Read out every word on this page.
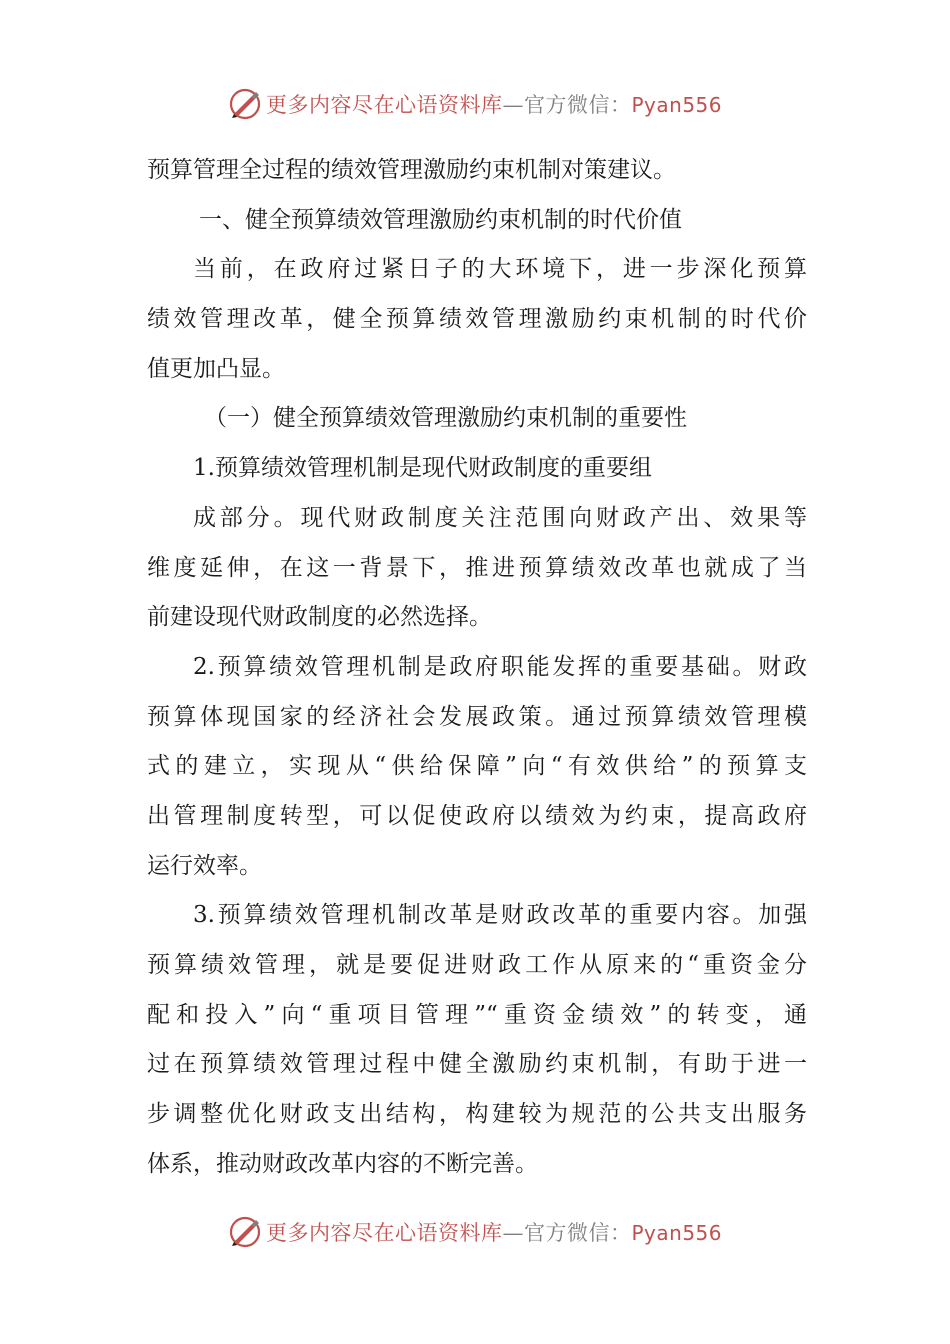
更多内容尽在心语资料库—官方微信：Pyan556
预算管理全过程的绩效管理激励约束机制对策建议。
一、健全预算绩效管理激励约束机制的时代价值
当前，在政府过紧日子的大环境下，进一步深化预算
绩效管理改革，健全预算绩效管理激励约束机制的时代价
值更加凸显。
（一）健全预算绩效管理激励约束机制的重要性
1.预算绩效管理机制是现代财政制度的重要组
成部分。现代财政制度关注范围向财政产出、效果等
维度延伸，在这一背景下，推进预算绩效改革也就成了当
前建设现代财政制度的必然选择。
2.预算绩效管理机制是政府职能发挥的重要基础。财政
预算体现国家的经济社会发展政策。通过预算绩效管理模
式的建立，实现从“供给保障”向“有效供给”的预算支
出管理制度转型，可以促使政府以绩效为约束，提高政府
运行效率。
3.预算绩效管理机制改革是财政改革的重要内容。加强
预算绩效管理，就是要促进财政工作从原来的“重资金分
配和投入”向“重项目管理”“重资金绩效”的转变，通
过在预算绩效管理过程中健全激励约束机制，有助于进一
步调整优化财政支出结构，构建较为规范的公共支出服务
体系，推动财政改革内容的不断完善。
更多内容尽在心语资料库—官方微信：Pyan556
